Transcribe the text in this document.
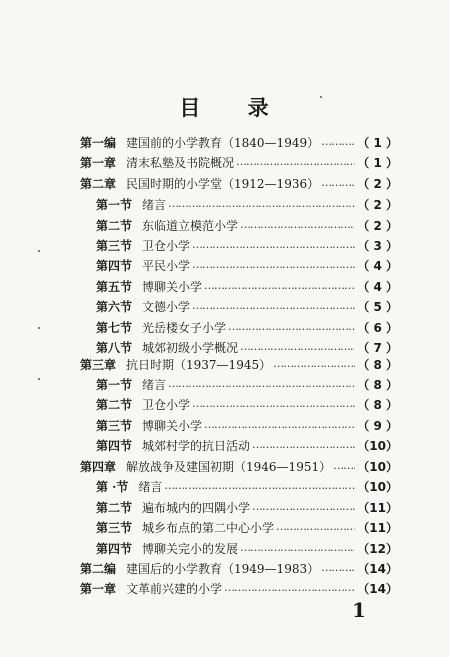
目 录
第一编 建国前的小学教育（1840—1949） ……………………………………………………………………………	（ 1 ）
第一章 清末私塾及书院概况 ……………………………………………………………………………	（ 1 ）
第二章 民国时期的小学堂（1912—1936） ……………………………………………………………………………	（ 2 ）
第一节 绪言 ……………………………………………………………………………	（ 2 ）
第二节 东临道立模范小学 ……………………………………………………………………………	（ 2 ）
第三节 卫仓小学 ……………………………………………………………………………	（ 3 ）
第四节 平民小学 ……………………………………………………………………………	（ 4 ）
第五节 博聊关小学 ……………………………………………………………………………	（ 4 ）
第六节 文德小学 ……………………………………………………………………………	（ 5 ）
第七节 光岳楼女子小学 ……………………………………………………………………………	（ 6 ）
第八节 城郊初级小学概况 ……………………………………………………………………………	（ 7 ）
第三章 抗日时期（1937—1945） ……………………………………………………………………………	（ 8 ）
第一节 绪言 ……………………………………………………………………………	（ 8 ）
第二节 卫仓小学 ……………………………………………………………………………	（ 8 ）
第三节 博聊关小学 ……………………………………………………………………………	（ 9 ）
第四节 城郊村学的抗日活动 ……………………………………………………………………………	（10）
第四章 解放战争及建国初期（1946—1951） …………………………………………………………………………… （10）
第 ·节 绪言 ……………………………………………………………………………	（10）
第二节 遍布城内的四隅小学 ……………………………………………………………………………	（11）
第三节 城乡布点的第二中心小学 ……………………………………………………………………………	（11）
第四节 博聊关完小的发展 ……………………………………………………………………………	（12）
第二编 建国后的小学教育（1949—1983） ……………………………………………………………………………	（14）
第一章 文革前兴建的小学 ……………………………………………………………………………	（14）
1
